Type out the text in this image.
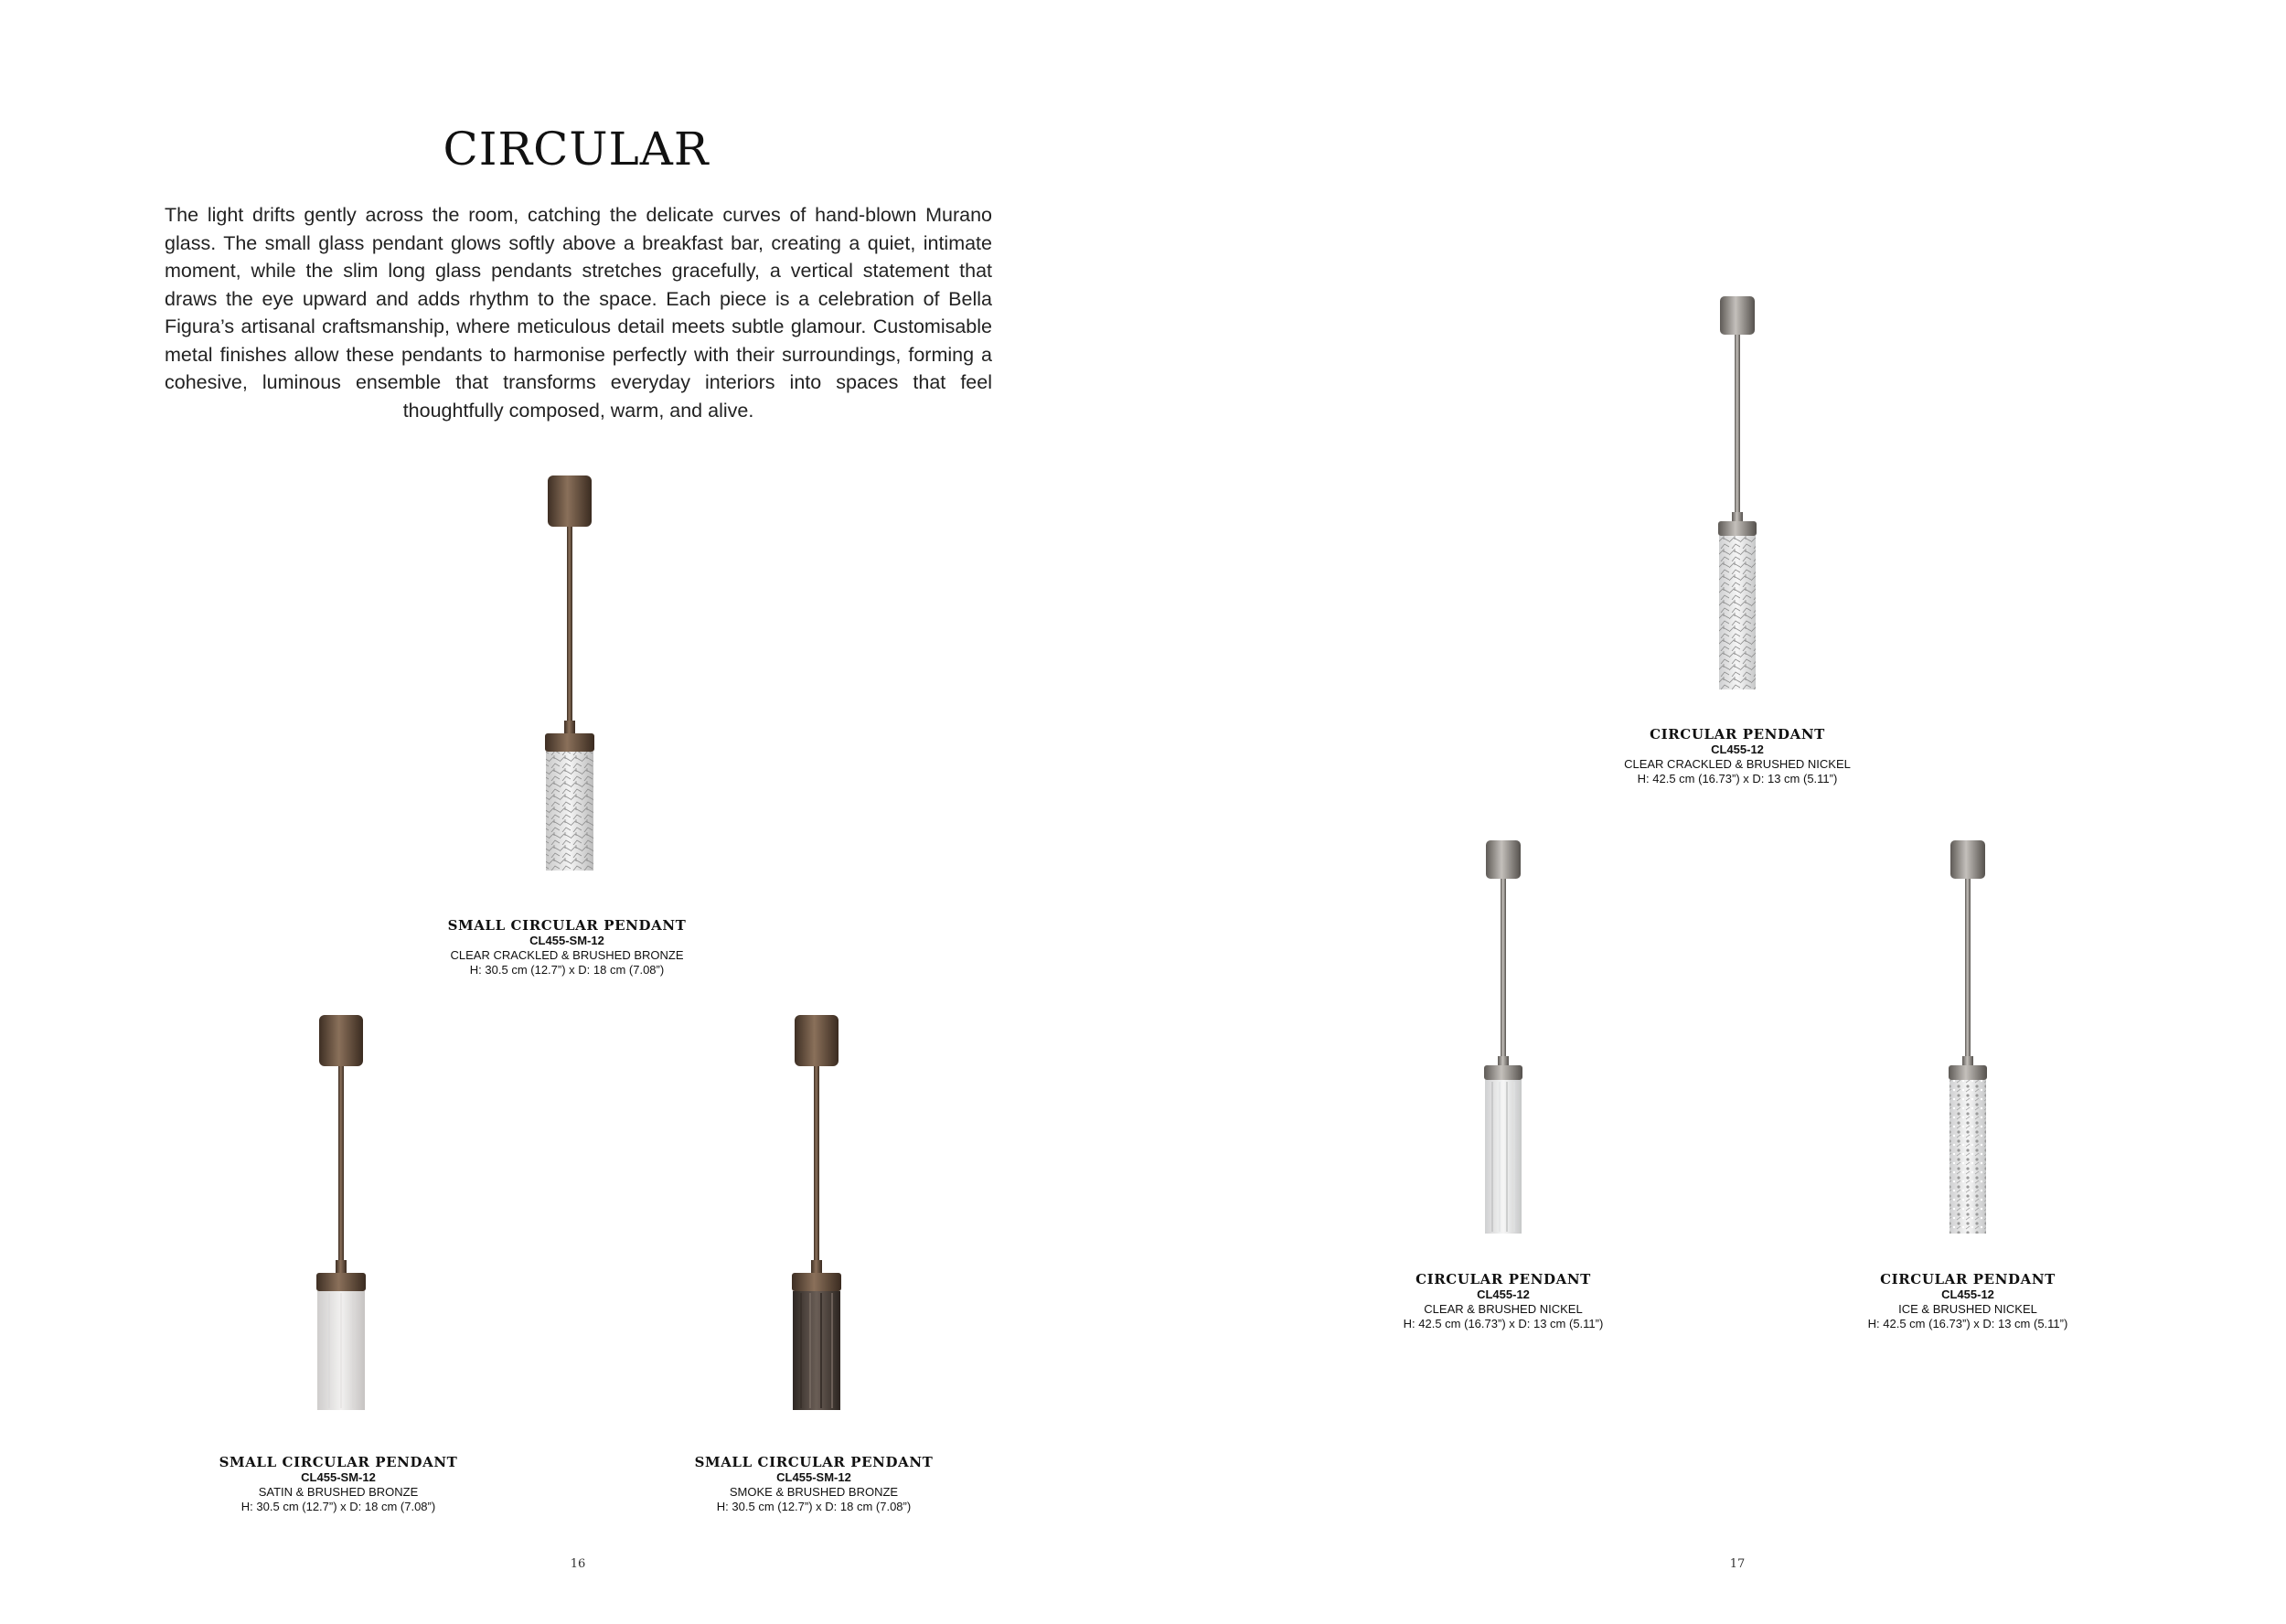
CIRCULAR

The light drifts gently across the room, catching the delicate curves of hand-blown Murano glass. The small glass pendant glows softly above a breakfast bar, creating a quiet, intimate moment, while the slim long glass pendants stretches gracefully, a vertical statement that draws the eye upward and adds rhythm to the space. Each piece is a celebration of Bella Figura’s artisanal craftsmanship, where meticulous detail meets subtle glamour. Customisable metal finishes allow these pendants to harmonise perfectly with their surroundings, forming a cohesive, luminous ensemble that transforms everyday interiors into spaces that feel thoughtfully composed, warm, and alive.

SMALL CIRCULAR PENDANT
CL455-SM-12
CLEAR CRACKLED & BRUSHED BRONZE
H: 30.5 cm (12.7”) x D: 18 cm (7.08”)
SMALL CIRCULAR PENDANT
CL455-SM-12
SATIN & BRUSHED BRONZE
H: 30.5 cm (12.7”) x D: 18 cm (7.08”)
SMALL CIRCULAR PENDANT
CL455-SM-12
SMOKE & BRUSHED BRONZE
H: 30.5 cm (12.7”) x D: 18 cm (7.08”)
16
CIRCULAR PENDANT
CL455-12
CLEAR CRACKLED & BRUSHED NICKEL
H: 42.5 cm (16.73”) x D: 13 cm (5.11”)
CIRCULAR PENDANT
CL455-12
CLEAR & BRUSHED NICKEL
H: 42.5 cm (16.73”) x D: 13 cm (5.11”)
CIRCULAR PENDANT
CL455-12
ICE & BRUSHED NICKEL
H: 42.5 cm (16.73”) x D: 13 cm (5.11”)
17
